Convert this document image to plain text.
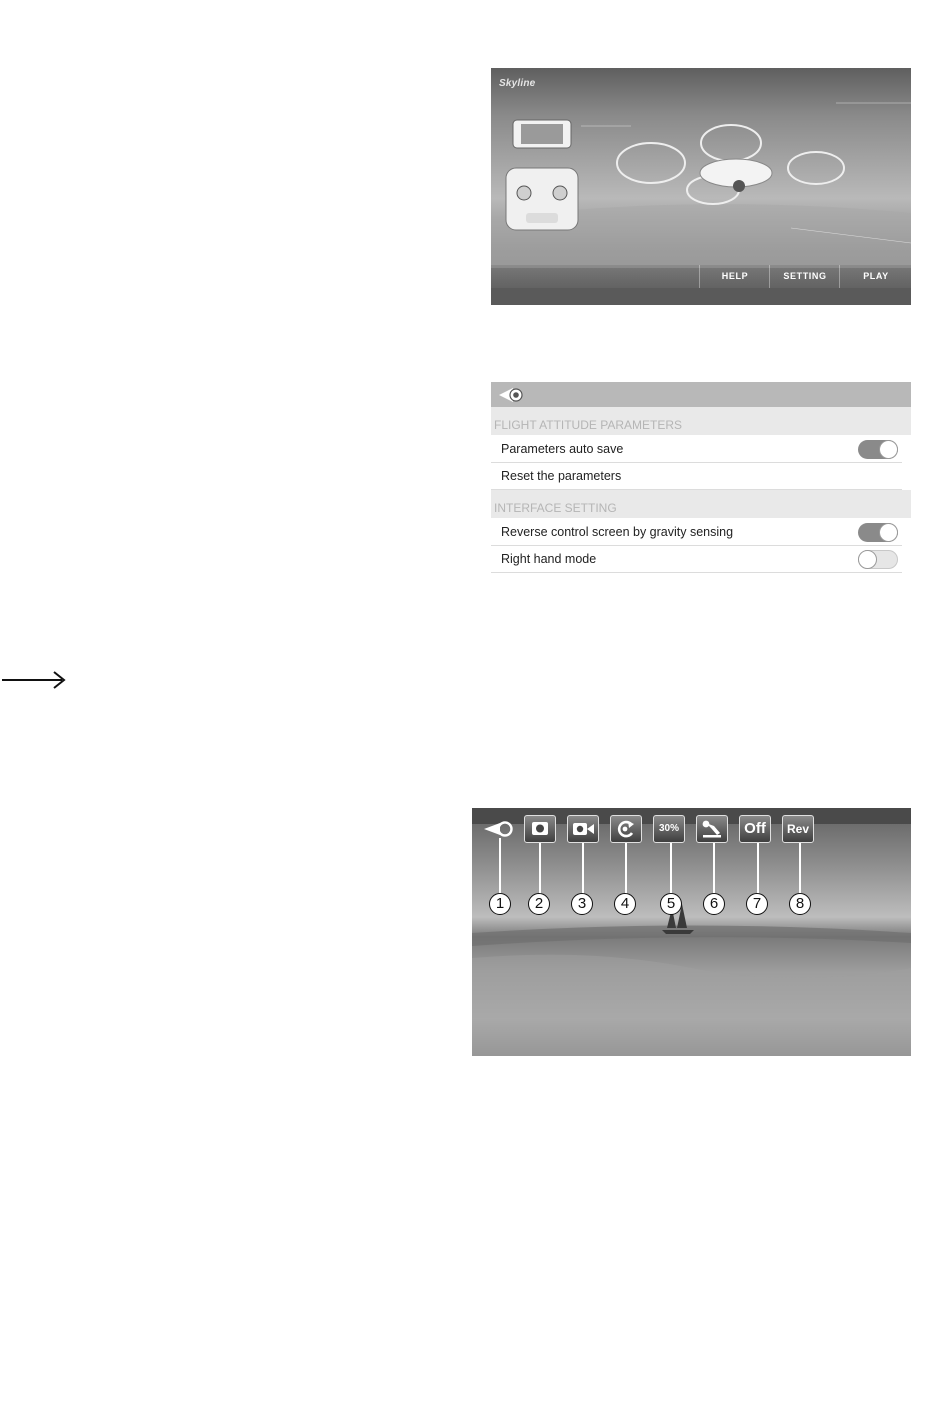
Skyline
HELP	SETTING	PLAY
FLIGHT ATTITUDE PARAMETERS
Parameters auto save
Reset the parameters
INTERFACE SETTING
Reverse control screen by gravity sensing
Right hand mode
30%	Off	Rev
1	2	3	4	5	6	7	8
